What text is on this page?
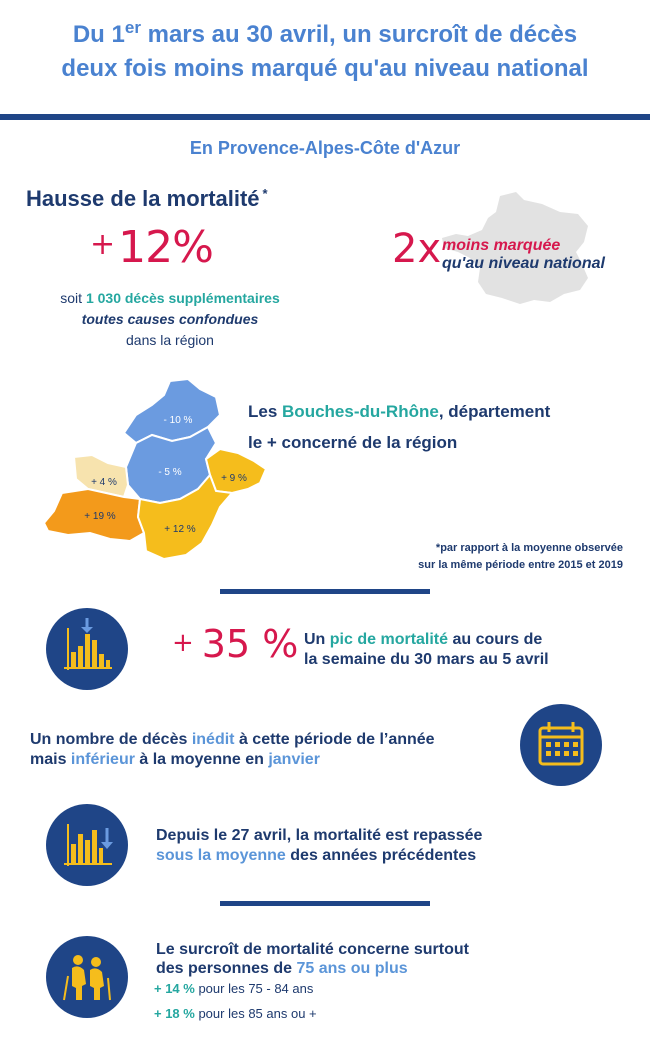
Du 1er mars au 30 avril, un surcroît de décès
deux fois moins marqué qu'au niveau national
En Provence-Alpes-Côte d'Azur
Hausse de la mortalité *
+12%
soit 1 030 décès supplémentaires
toutes causes confondues
dans la région
2x moins marquée
qu'au niveau national
- 10 %
- 5 %
+ 4 %
+ 19 %
+ 12 %
+ 9 %
Les Bouches-du-Rhône, département
le + concerné de la région
*par rapport à la moyenne observée
sur la même période entre 2015 et 2019
+ 35 % Un pic de mortalité au cours de
la semaine du 30 mars au 5 avril
Un nombre de décès inédit à cette période de l’année
mais inférieur à la moyenne en janvier
Depuis le 27 avril, la mortalité est repassée
sous la moyenne des années précédentes
Le surcroît de mortalité concerne surtout
des personnes de 75 ans ou plus
+ 14 % pour les 75 - 84 ans
+ 18 % pour les 85 ans ou +
